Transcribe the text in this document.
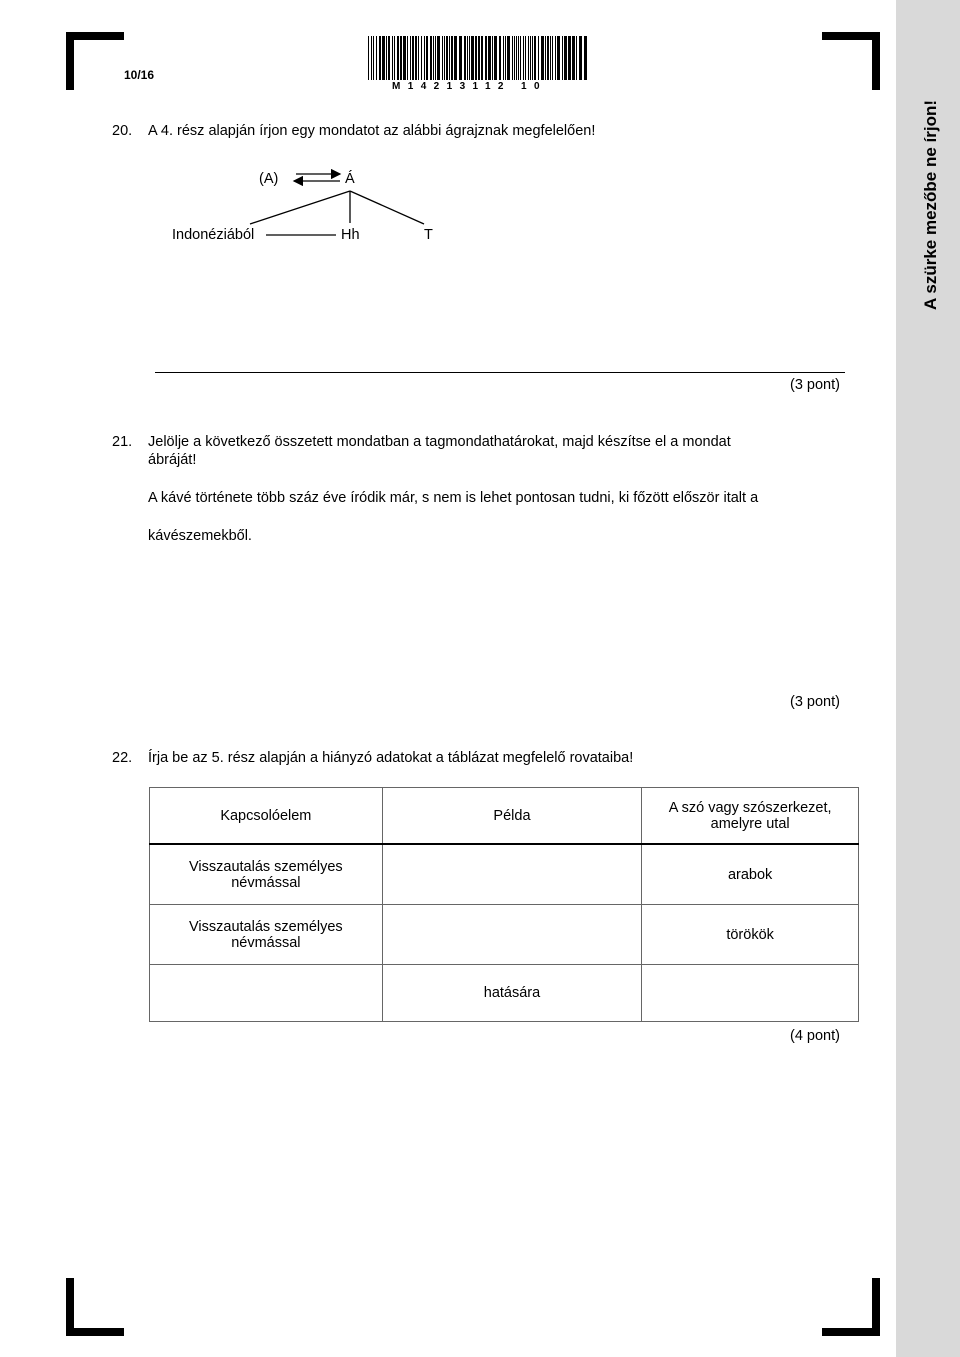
A szürke mezőbe ne írjon!
10/16
M14213112 10
20. A 4. rész alapján írjon egy mondatot az alábbi ágrajznak megfelelően!
(A)	Á
Indonéziából	Hh	T
(3 pont)
21. Jelölje a következő összetett mondatban a tagmondathatárokat, majd készítse el a mondat
ábráját!
A kávé története több száz éve íródik már, s nem is lehet pontosan tudni, ki főzött először italt a
kávészemekből.
(3 pont)
22. Írja be az 5. rész alapján a hiányzó adatokat a táblázat megfelelő rovataiba!
Kapcsolóelem	Példa	A szó vagy szószerkezet, amelyre utal
Visszautalás személyes névmással		arabok
Visszautalás személyes névmással		törökök
	hatására	
(4 pont)
